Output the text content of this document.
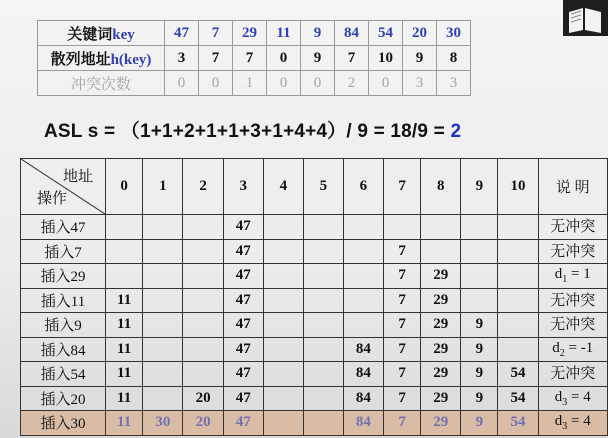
关键词key	47	7	29	11	9	84	54	20	30
散列地址h(key)	3	7	7	0	9	7	10	9	8
冲突次数	0	0	1	0	0	2	0	3	3
ASL s = （1+1+2+1+1+3+1+4+4）/ 9 = 18/9 = 2
地址
操作	0	1	2	3	4	5	6	7	8	9	10	说 明
插入47				47								无冲突
插入7				47				7				无冲突
插入29				47				7	29			$d_1 = 1$
插入11	11			47				7	29			无冲突
插入9	11			47				7	29	9		无冲突
插入84	11			47			84	7	29	9		$d_2 = -1$
插入54	11			47			84	7	29	9	54	无冲突
插入20	11		20	47			84	7	29	9	54	$d_3 = 4$
插入30	11	30	20	47			84	7	29	9	54	$d_3 = 4$
